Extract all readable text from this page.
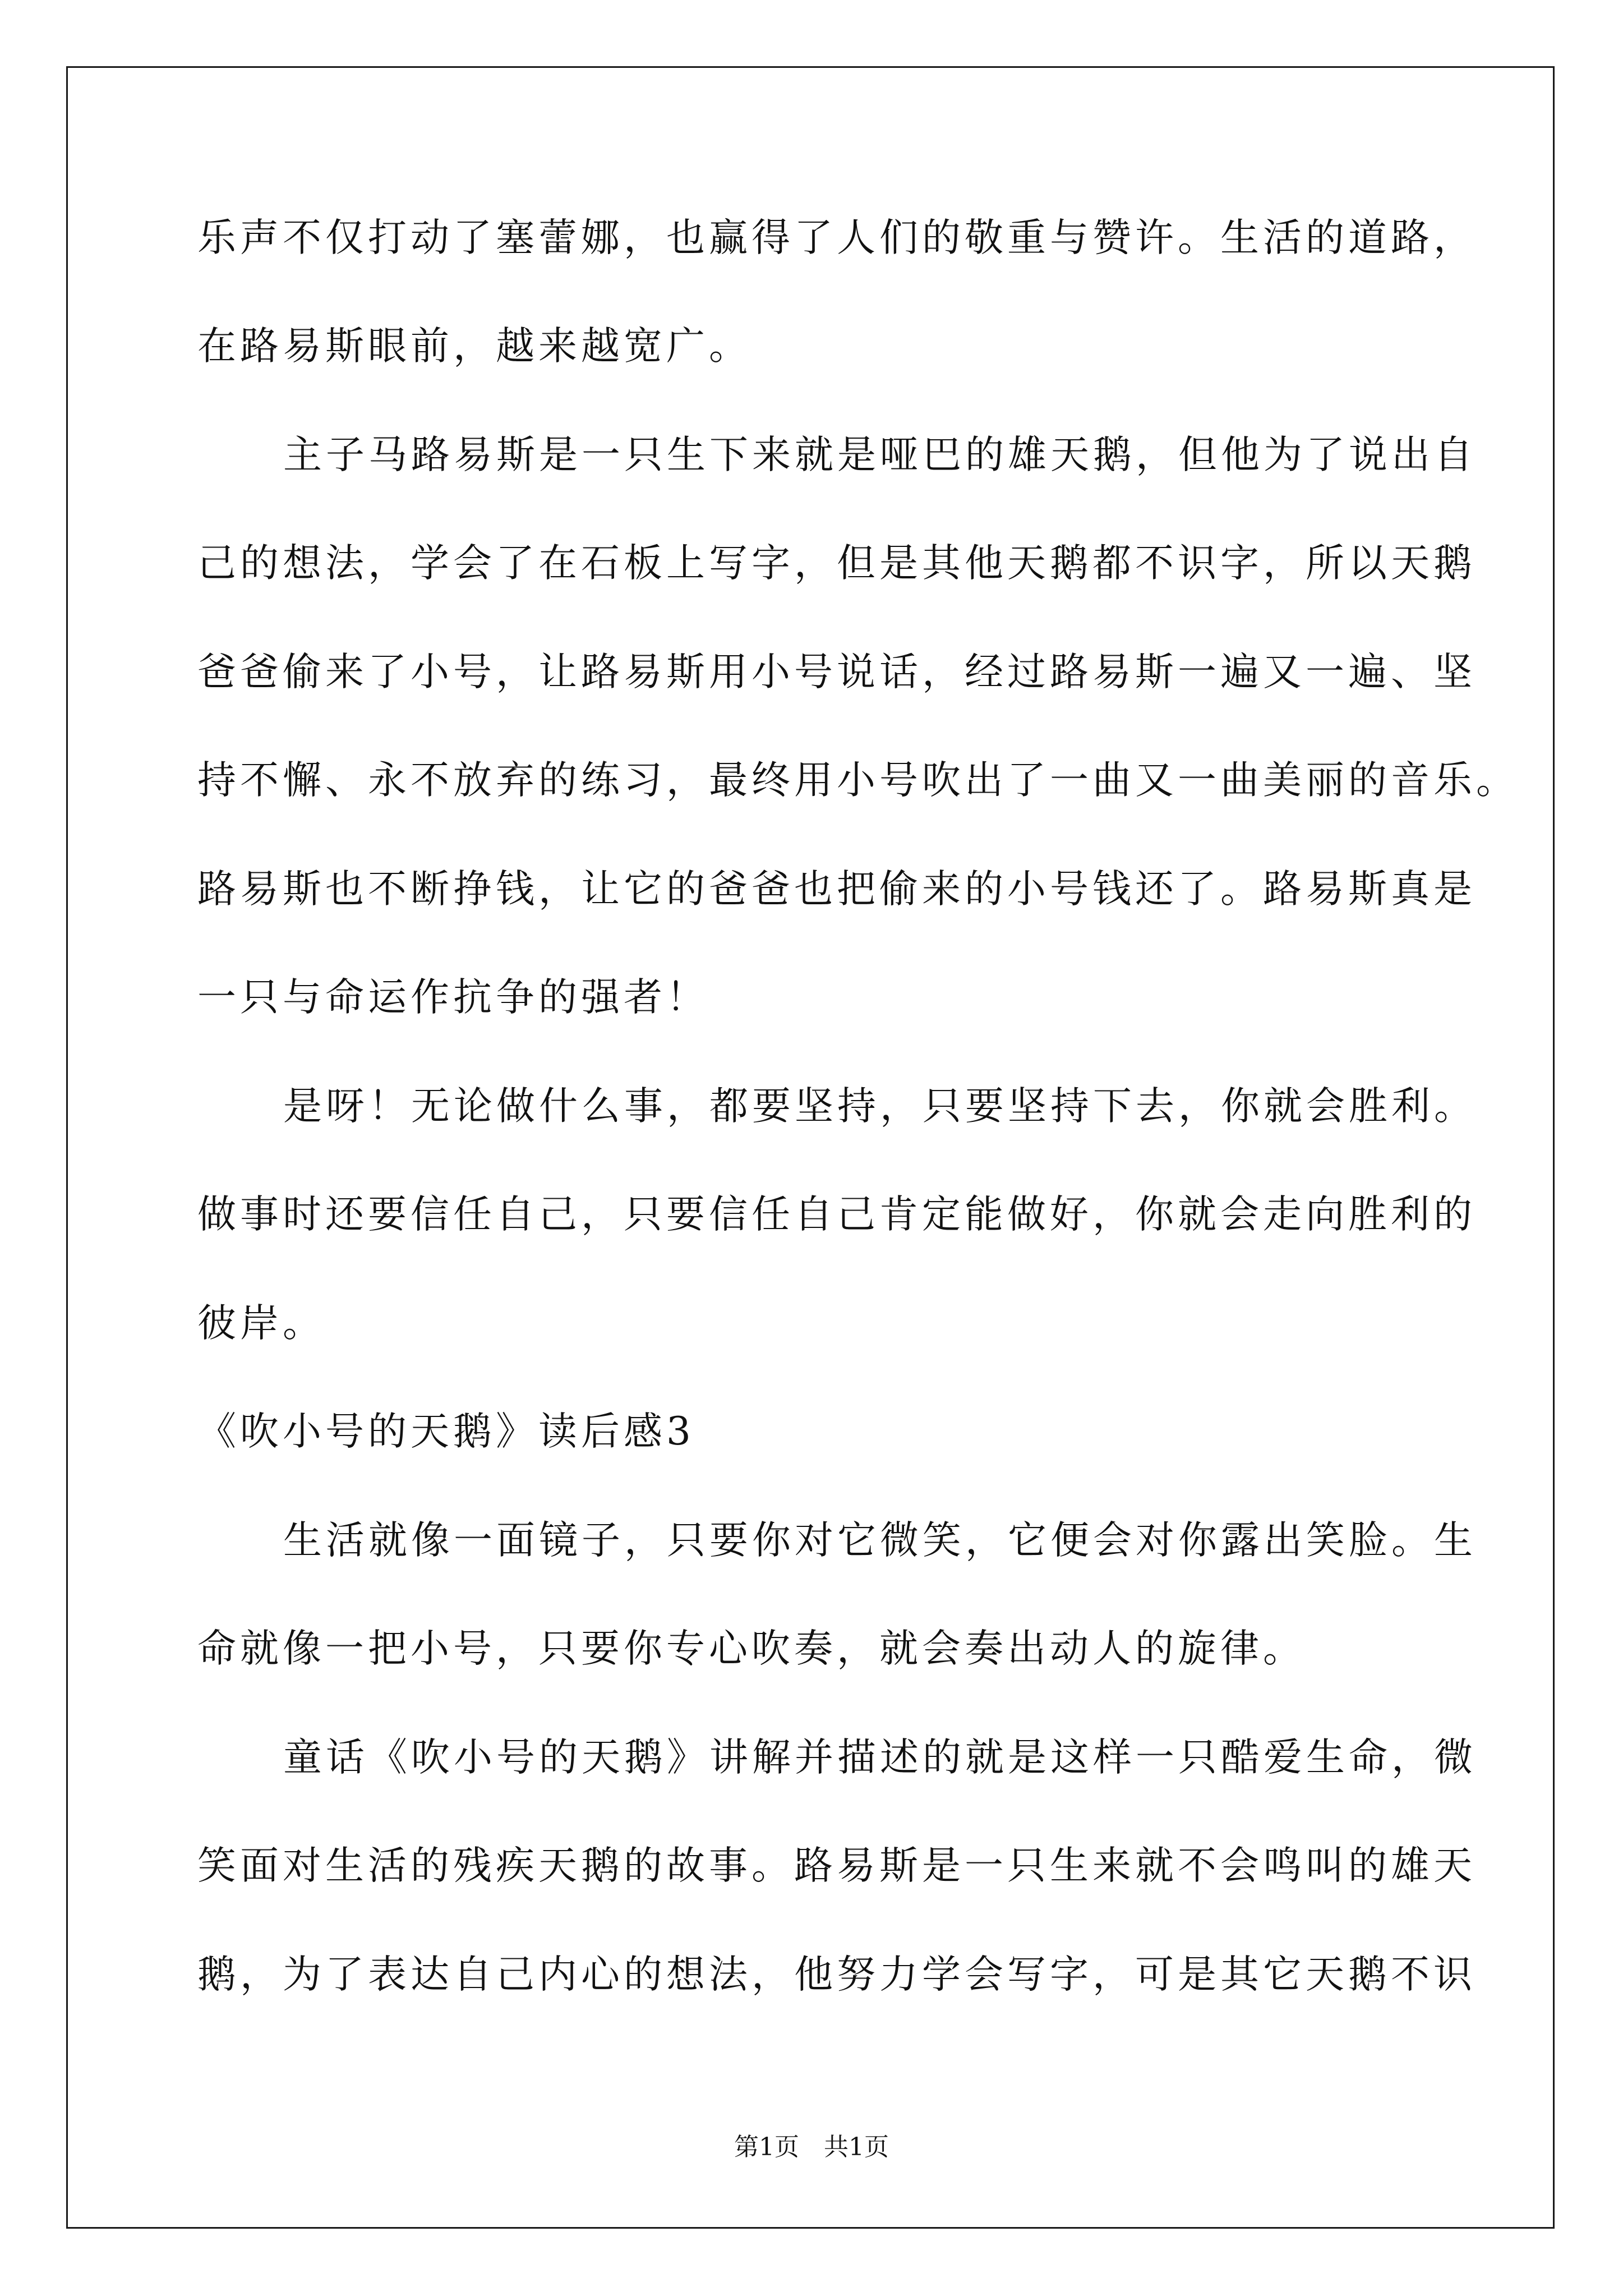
乐声不仅打动了塞蕾娜，也赢得了人们的敬重与赞许。生活的道路，
在路易斯眼前，越来越宽广。
主子马路易斯是一只生下来就是哑巴的雄天鹅，但他为了说出自
己的想法，学会了在石板上写字，但是其他天鹅都不识字，所以天鹅
爸爸偷来了小号，让路易斯用小号说话，经过路易斯一遍又一遍、坚
持不懈、永不放弃的练习，最终用小号吹出了一曲又一曲美丽的音乐。
路易斯也不断挣钱，让它的爸爸也把偷来的小号钱还了。路易斯真是
一只与命运作抗争的强者！
是呀！无论做什么事，都要坚持，只要坚持下去，你就会胜利。
做事时还要信任自己，只要信任自己肯定能做好，你就会走向胜利的
彼岸。
《吹小号的天鹅》读后感3
生活就像一面镜子，只要你对它微笑，它便会对你露出笑脸。生
命就像一把小号，只要你专心吹奏，就会奏出动人的旋律。
童话《吹小号的天鹅》讲解并描述的就是这样一只酷爱生命，微
笑面对生活的残疾天鹅的故事。路易斯是一只生来就不会鸣叫的雄天
鹅，为了表达自己内心的想法，他努力学会写字，可是其它天鹅不识
第1页 共1页
